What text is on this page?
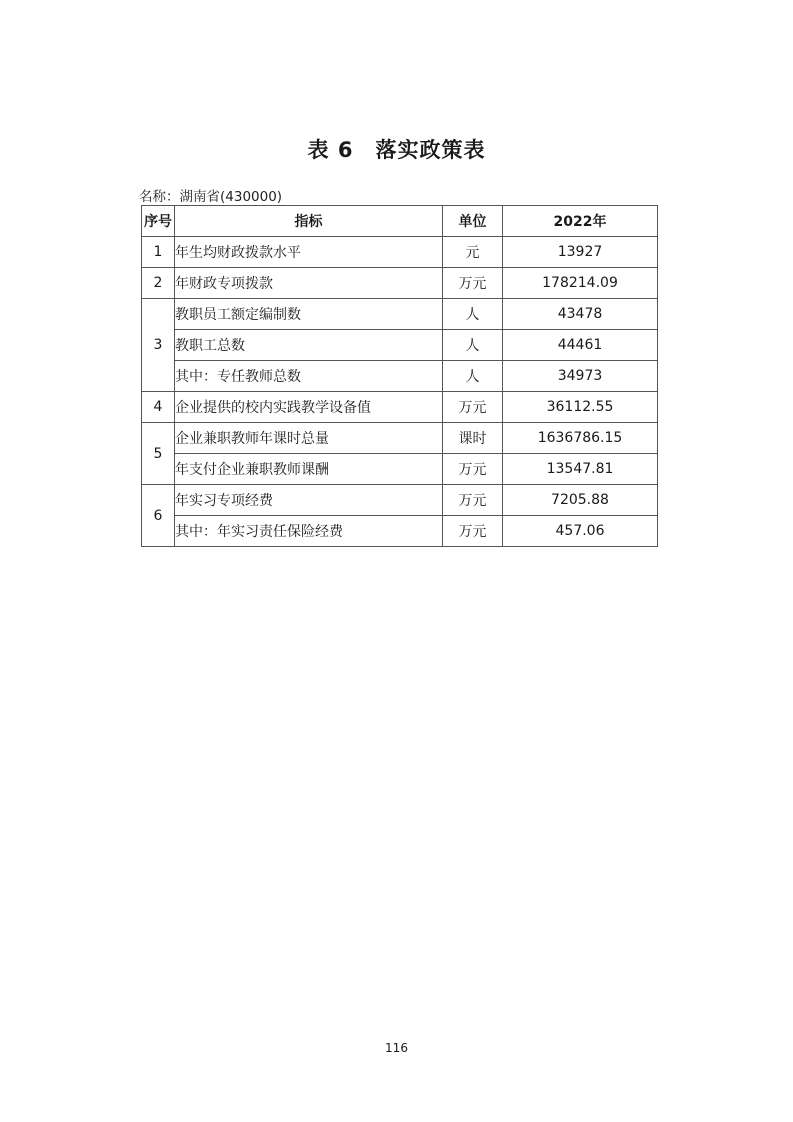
表 6　落实政策表
名称：湖南省(430000)
序号	指标	单位	2022年
1	年生均财政拨款水平	元	13927
2	年财政专项拨款	万元	178214.09
3	教职员工额定编制数	人	43478
	教职工总数	人	44461
	其中：专任教师总数	人	34973
4	企业提供的校内实践教学设备值	万元	36112.55
5	企业兼职教师年课时总量	课时	1636786.15
	年支付企业兼职教师课酬	万元	13547.81
6	年实习专项经费	万元	7205.88
	其中：年实习责任保险经费	万元	457.06
116
